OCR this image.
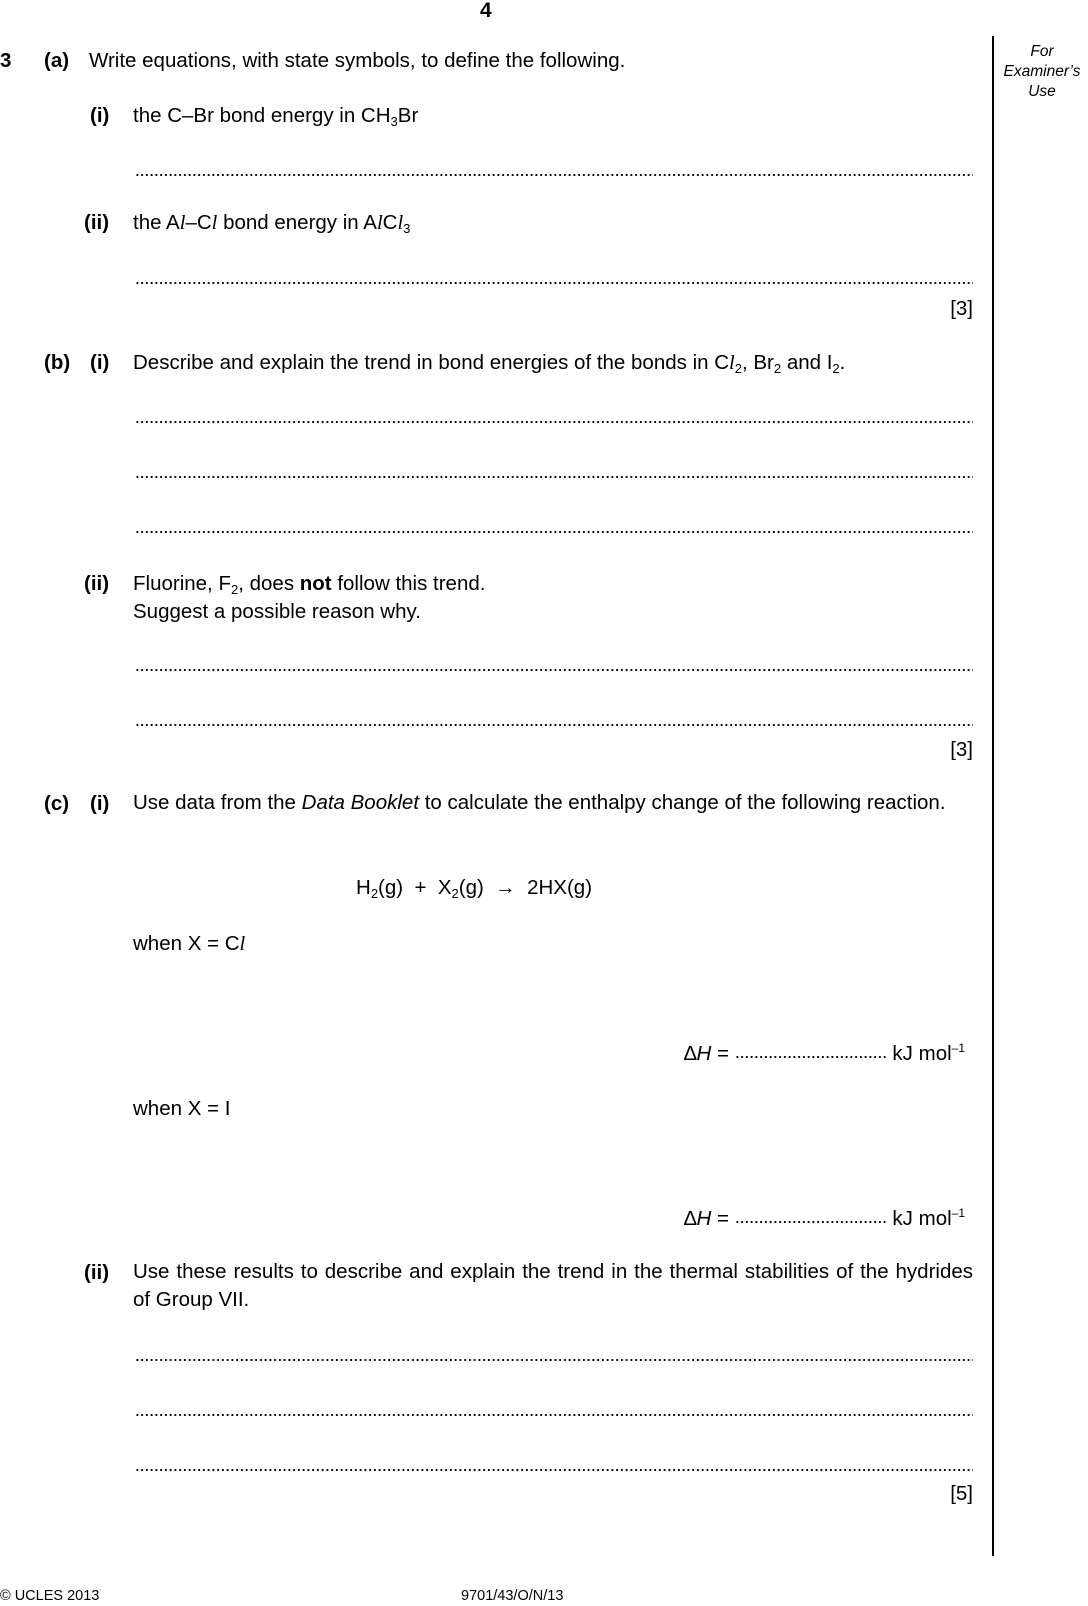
4
For
Examiner’s
Use
3 (a) Write equations, with state symbols, to define the following.
(i) the C–Br bond energy in $CH_3Br$
(ii) the Al–Cl bond energy in AlCl$_3$
[3]
(b) (i) Describe and explain the trend in bond energies of the bonds in $Cl_2$, $Br_2$ and $I_2$.
(ii) Fluorine, $F_2$, does not follow this trend.
Suggest a possible reason why.
[3]
(c) (i) Use data from the Data Booklet to calculate the enthalpy change of the following reaction.
$H_2(g) + X_2(g) \to 2HX(g)$
when X = Cl
∆H =	kJ mol$^{-1}$
when X = I
∆H =	kJ mol$^{-1}$
(ii) Use these results to describe and explain the trend in the thermal stabilities of the hydrides of Group VII.
[5]
© UCLES 2013	9701/43/O/N/13
